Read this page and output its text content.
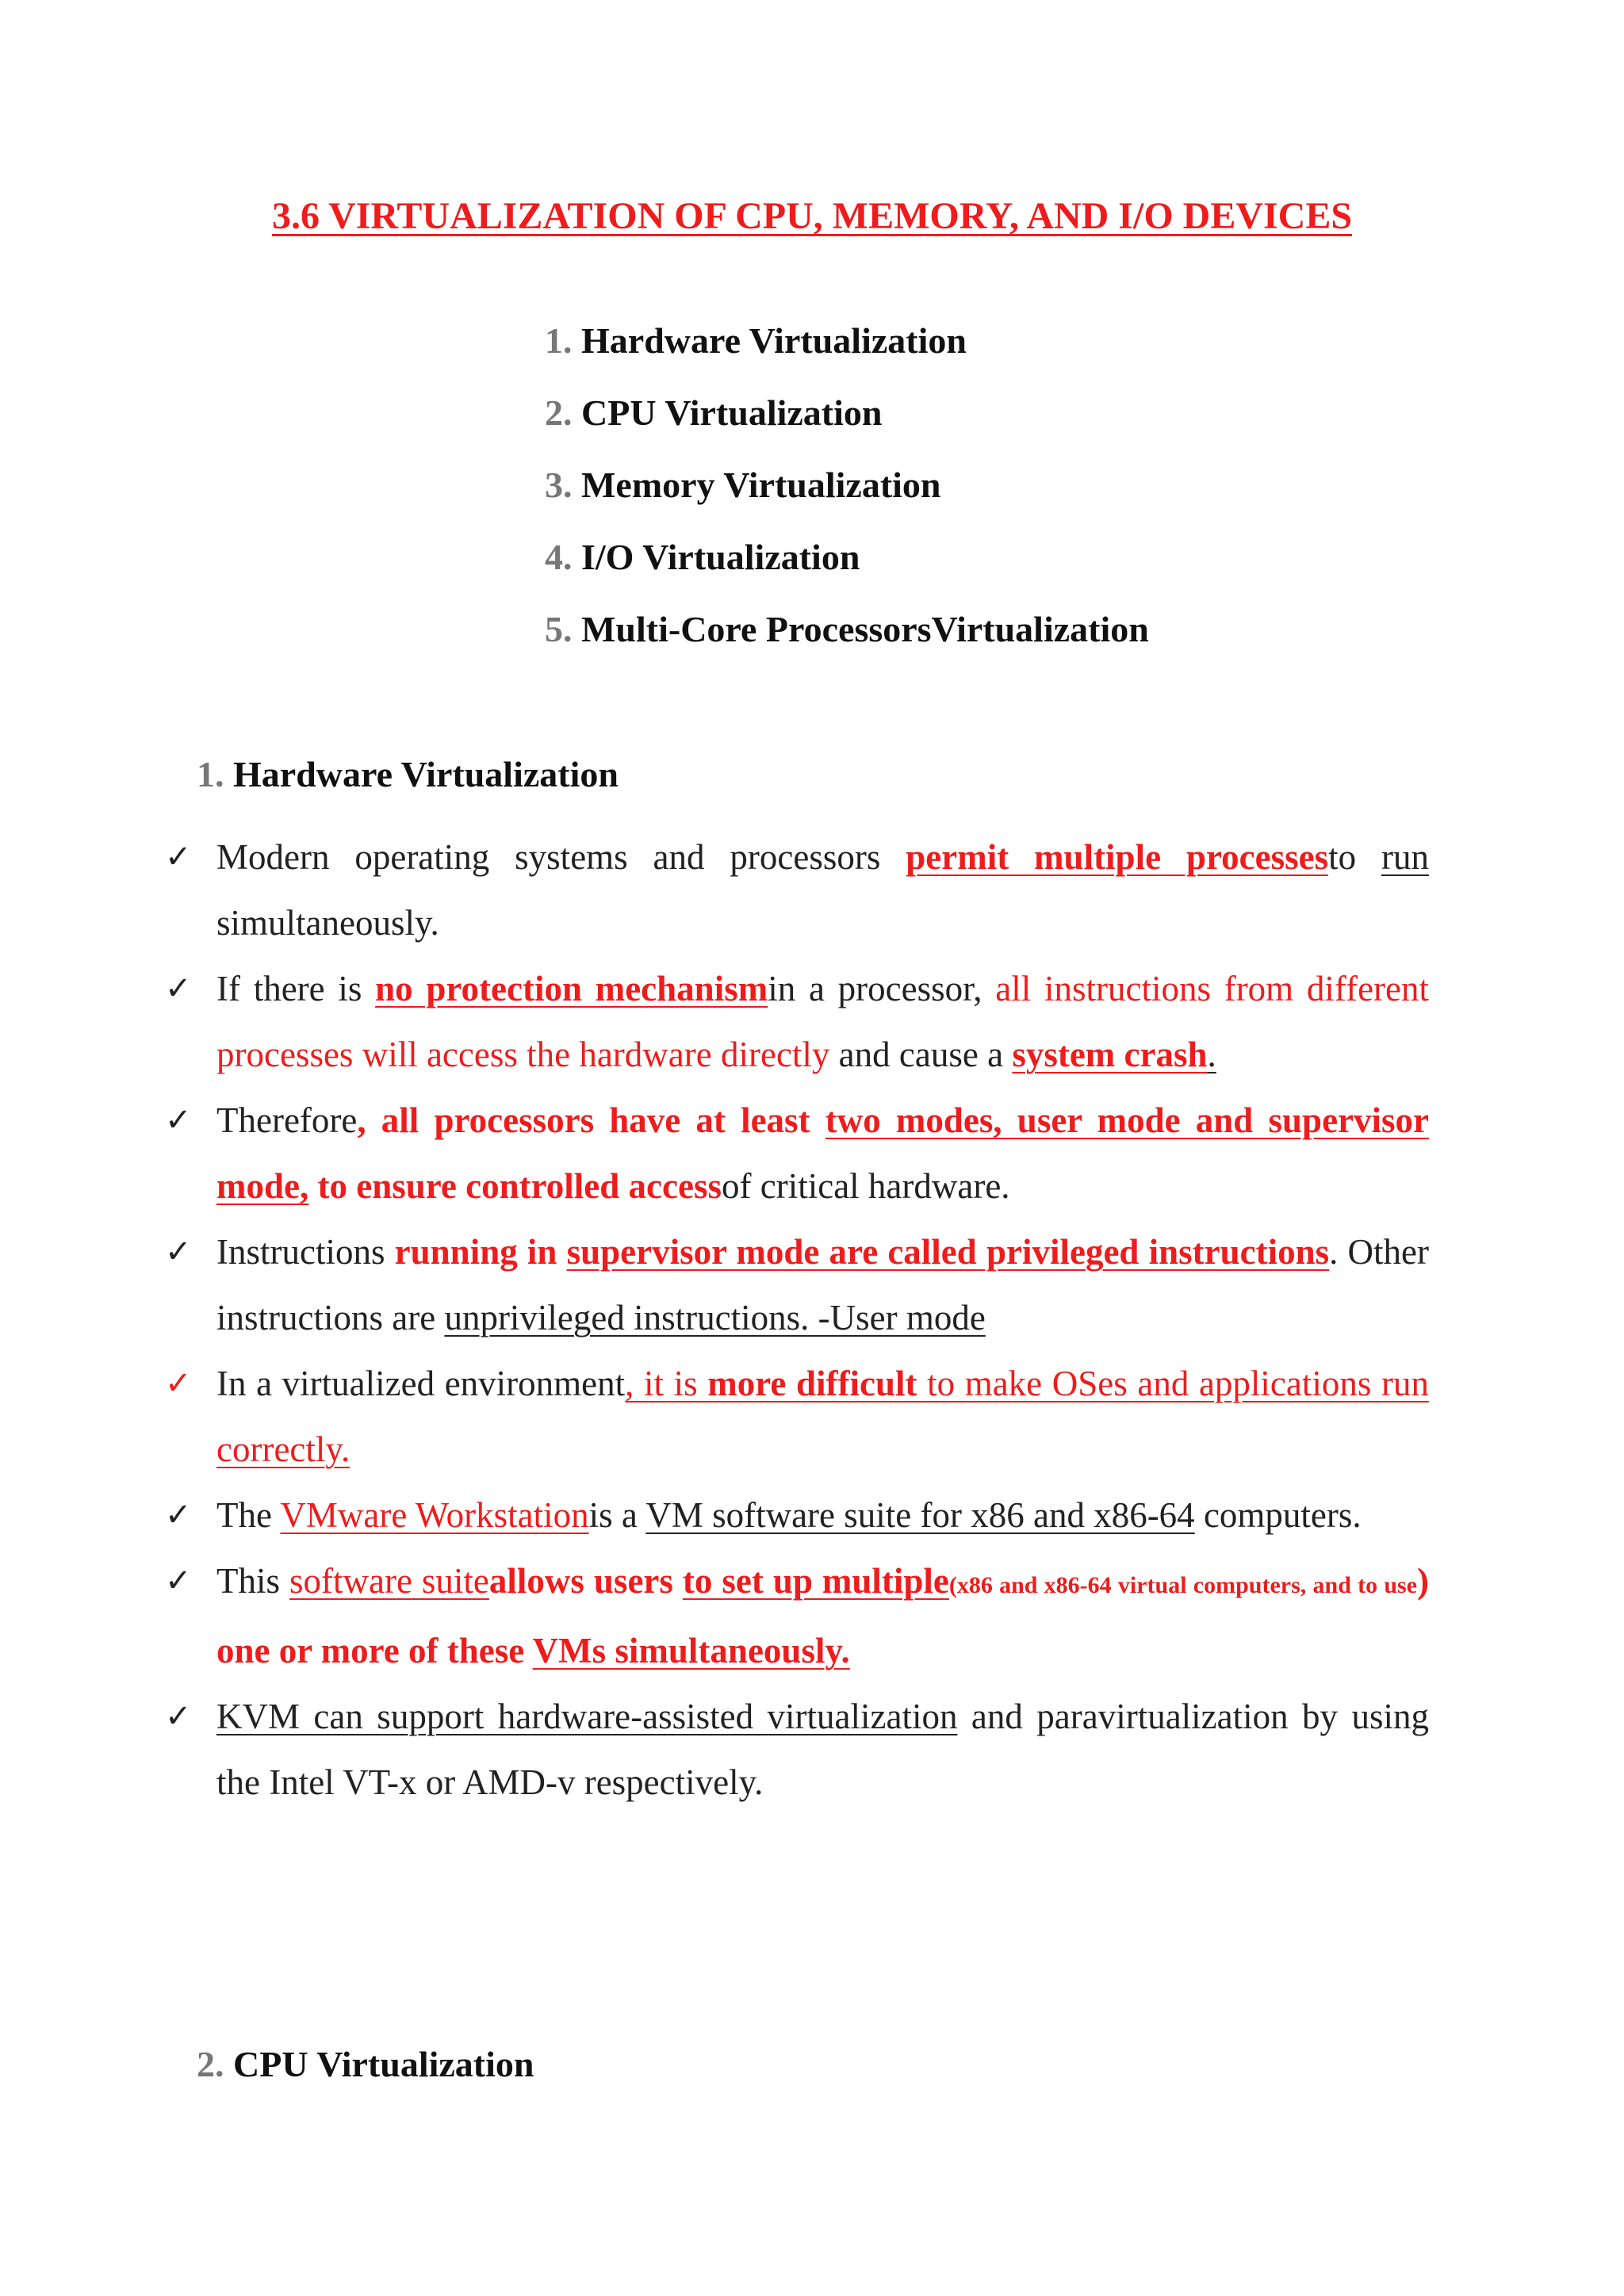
3.6 VIRTUALIZATION OF CPU, MEMORY, AND I/O DEVICES
1. Hardware Virtualization
2. CPU Virtualization
3. Memory Virtualization
4. I/O Virtualization
5. Multi-Core ProcessorsVirtualization
1. Hardware Virtualization
✓ Modern operating systems and processors permit multiple processesto run simultaneously.
✓ If there is no protection mechanismin a processor, all instructions from different processes will access the hardware directly and cause a system crash.
✓ Therefore, all processors have at least two modes, user mode and supervisor mode, to ensure controlled accessof critical hardware.
✓ Instructions running in supervisor mode are called privileged instructions. Other instructions are unprivileged instructions. -User mode
✓ In a virtualized environment, it is more difficult to make OSes and applications run correctly.
✓ The VMware Workstationis a VM software suite for x86 and x86-64 computers.
✓ This software suiteallows users to set up multiple(x86 and x86-64 virtual computers, and to use) one or more of these VMs simultaneously.
✓ KVM can support hardware-assisted virtualization and paravirtualization by using the Intel VT-x or AMD-v respectively.
2. CPU Virtualization
